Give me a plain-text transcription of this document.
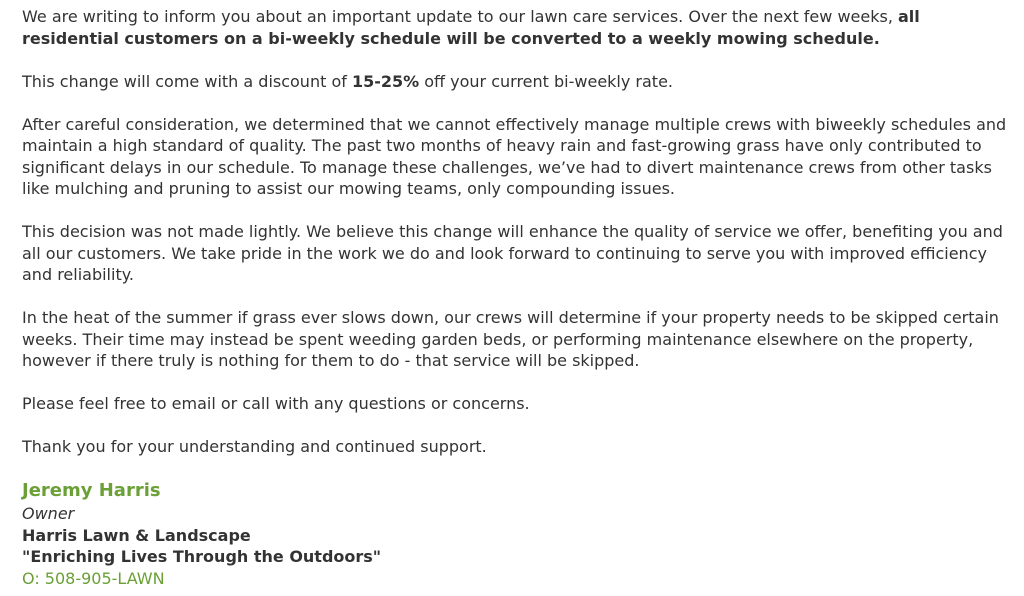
We are writing to inform you about an important update to our lawn care services. Over the next few weeks, all residential customers on a bi-weekly schedule will be converted to a weekly mowing schedule.

This change will come with a discount of 15-25% off your current bi-weekly rate.

After careful consideration, we determined that we cannot effectively manage multiple crews with biweekly schedules and maintain a high standard of quality. The past two months of heavy rain and fast-growing grass have only contributed to significant delays in our schedule. To manage these challenges, we’ve had to divert maintenance crews from other tasks like mulching and pruning to assist our mowing teams, only compounding issues.

This decision was not made lightly. We believe this change will enhance the quality of service we offer, benefiting you and all our customers. We take pride in the work we do and look forward to continuing to serve you with improved efficiency and reliability.

In the heat of the summer if grass ever slows down, our crews will determine if your property needs to be skipped certain weeks. Their time may instead be spent weeding garden beds, or performing maintenance elsewhere on the property, however if there truly is nothing for them to do - that service will be skipped.

Please feel free to email or call with any questions or concerns.

Thank you for your understanding and continued support.

Jeremy Harris
Owner
Harris Lawn & Landscape
"Enriching Lives Through the Outdoors"
O: 508-905-LAWN
